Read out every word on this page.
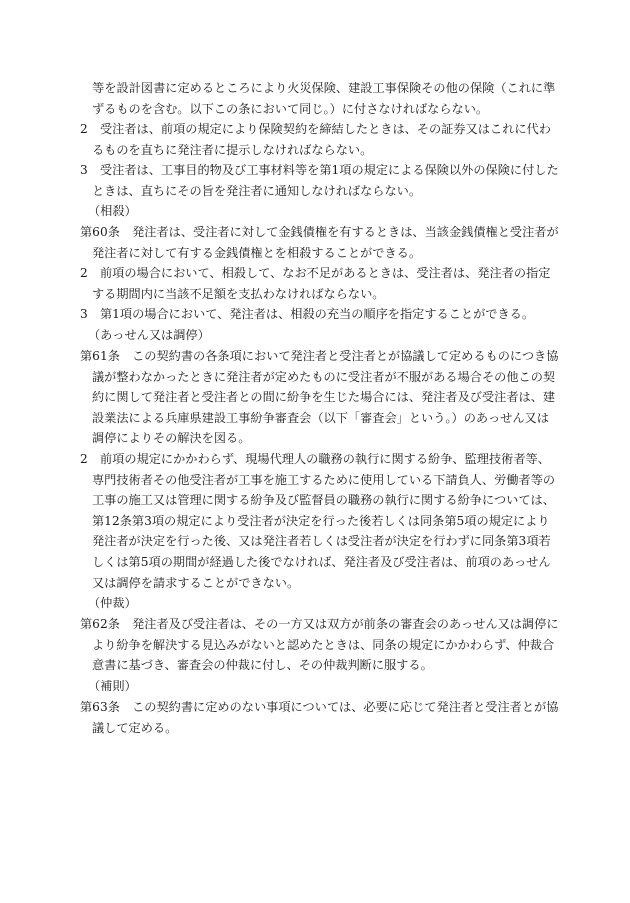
　等を設計図書に定めるところにより火災保険、建設工事保険その他の保険（これに準ずるものを含む。以下この条において同じ。）に付さなければならない。

2　受注者は、前項の規定により保険契約を締結したときは、その証券又はこれに代わるものを直ちに発注者に提示しなければならない。

3　受注者は、工事目的物及び工事材料等を第1項の規定による保険以外の保険に付したときは、直ちにその旨を発注者に通知しなければならない。

（相殺）

第60条　発注者は、受注者に対して金銭債権を有するときは、当該金銭債権と受注者が発注者に対して有する金銭債権とを相殺することができる。

2　前項の場合において、相殺して、なお不足があるときは、受注者は、発注者の指定する期間内に当該不足額を支払わなければならない。

3　第1項の場合において、発注者は、相殺の充当の順序を指定することができる。

（あっせん又は調停）

第61条　この契約書の各条項において発注者と受注者とが協議して定めるものにつき協議が整わなかったときに発注者が定めたものに受注者が不服がある場合その他この契約に関して発注者と受注者との間に紛争を生じた場合には、発注者及び受注者は、建設業法による兵庫県建設工事紛争審査会（以下「審査会」という。）のあっせん又は調停によりその解決を図る。

2　前項の規定にかかわらず、現場代理人の職務の執行に関する紛争、監理技術者等、専門技術者その他受注者が工事を施工するために使用している下請負人、労働者等の工事の施工又は管理に関する紛争及び監督員の職務の執行に関する紛争については、第12条第3項の規定により受注者が決定を行った後若しくは同条第5項の規定により発注者が決定を行った後、又は発注者若しくは受注者が決定を行わずに同条第3項若しくは第5項の期間が経過した後でなければ、発注者及び受注者は、前項のあっせん又は調停を請求することができない。

（仲裁）

第62条　発注者及び受注者は、その一方又は双方が前条の審査会のあっせん又は調停により紛争を解決する見込みがないと認めたときは、同条の規定にかかわらず、仲裁合意書に基づき、審査会の仲裁に付し、その仲裁判断に服する。

（補則）

第63条　この契約書に定めのない事項については、必要に応じて発注者と受注者とが協議して定める。
